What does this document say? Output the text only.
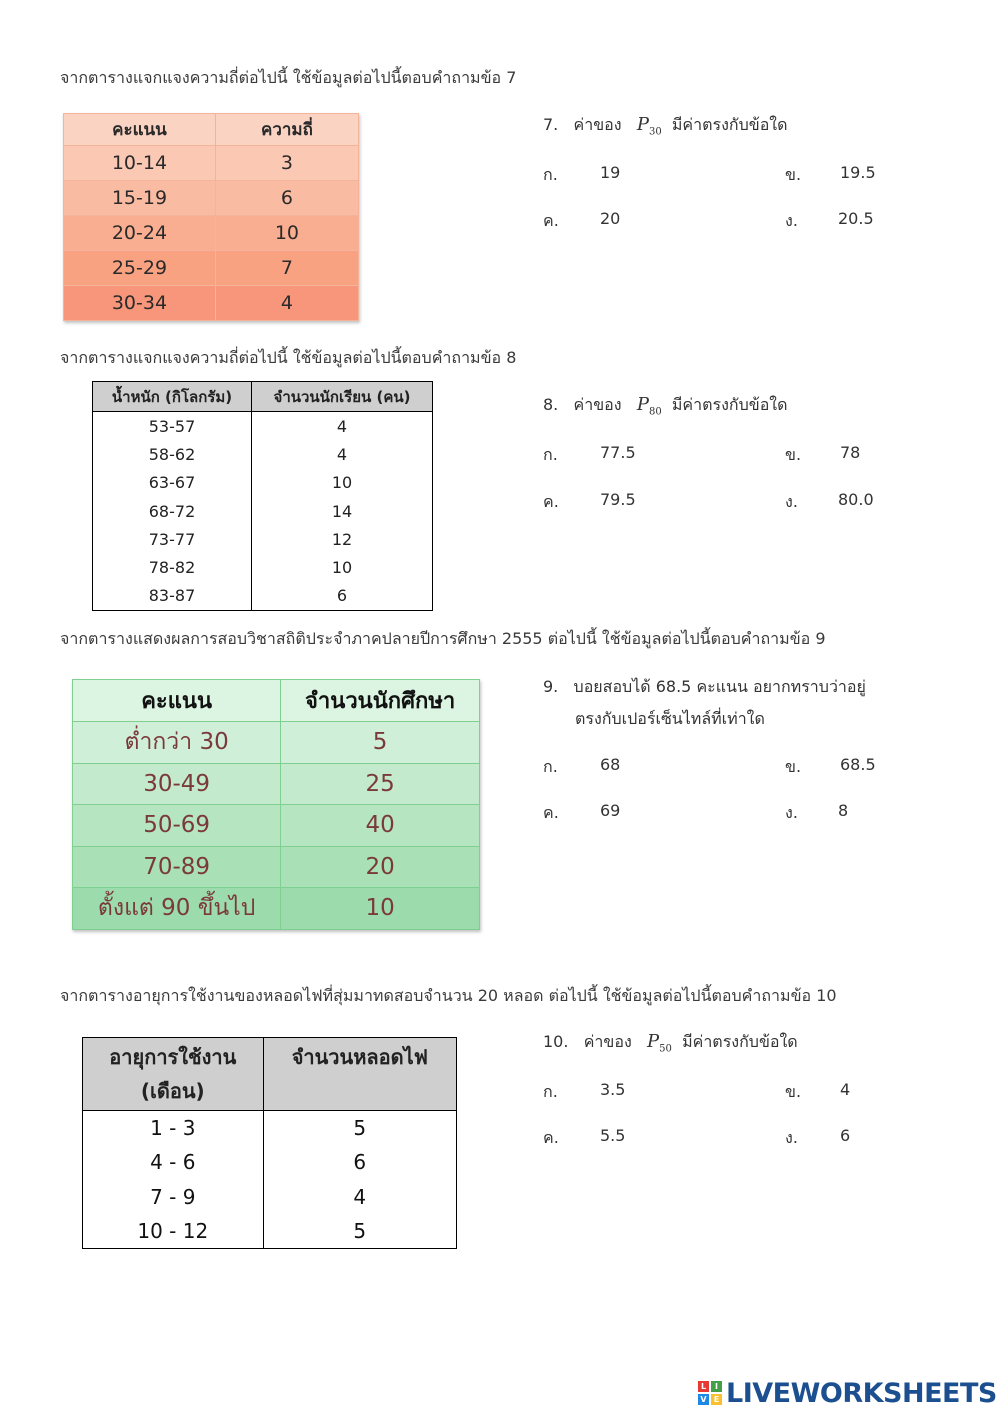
จากตารางแจกแจงความถี่ต่อไปนี้ ใช้ข้อมูลต่อไปนี้ตอบคำถามข้อ 7
คะแนน	ความถี่
10-14	3
15-19	6
20-24	10
25-29	7
30-34	4
7. ค่าของ $P_{30}$ มีค่าตรงกับข้อใด
ก.	19	ข. 19.5
ค.	20	ง.	20.5
จากตารางแจกแจงความถี่ต่อไปนี้ ใช้ข้อมูลต่อไปนี้ตอบคำถามข้อ 8
น้ำหนัก (กิโลกรัม)	จำนวนนักเรียน (คน)
53-57	4
58-62	4
63-67	10
68-72	14
73-77	12
78-82	10
83-87	6
8. ค่าของ $P_{80}$ มีค่าตรงกับข้อใด
ก.	77.5	ข. 78
ค.	79.5	ง.	80.0
จากตารางแสดงผลการสอบวิชาสถิติประจำภาคปลายปีการศึกษา 2555 ต่อไปนี้ ใช้ข้อมูลต่อไปนี้ตอบคำถามข้อ 9
คะแนน	จำนวนนักศึกษา
ต่ำกว่า 30	5
30-49	25
50-69	40
70-89	20
ตั้งแต่ 90 ขึ้นไป	10
9. บอยสอบได้ 68.5 คะแนน อยากทราบว่าอยู่
ตรงกับเปอร์เซ็นไทล์ที่เท่าใด
ก.	68	ข. 68.5
ค.	69	ง.	8
จากตารางอายุการใช้งานของหลอดไฟที่สุ่มมาทดสอบจำนวน 20 หลอด ต่อไปนี้ ใช้ข้อมูลต่อไปนี้ตอบคำถามข้อ 10
อายุการใช้งาน
(เดือน)	จำนวนหลอดไฟ
1 - 3	5
4 - 6	6
7 - 9	4
10 - 12	5
10. ค่าของ $P_{50}$ มีค่าตรงกับข้อใด
ก.	3.5	ข. 4
ค.	5.5	ง.	6
L	I
V E LIVEWORKSHEETS
